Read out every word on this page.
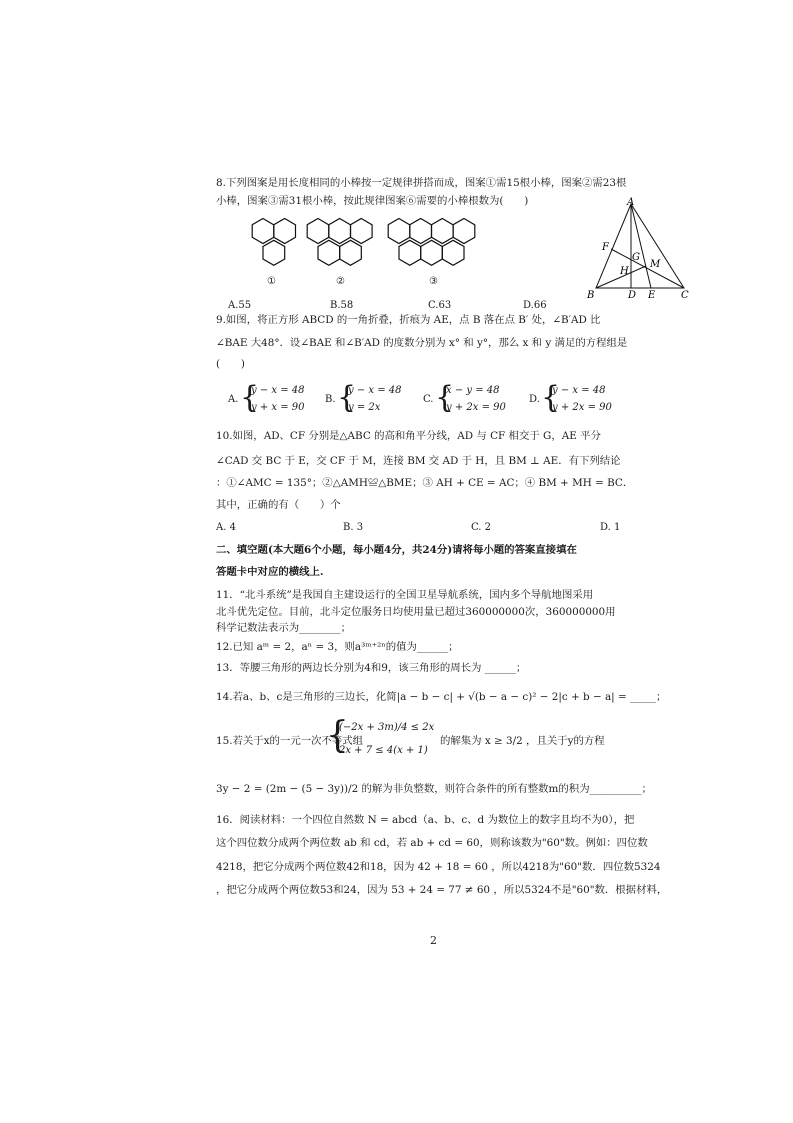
8.下列图案是用长度相同的小棒按一定规律拼搭而成，图案①需15根小棒，图案②需23根
小棒，图案③需31根小棒，按此规律图案⑥需要的小棒根数为(　　)
①	②	③
A
B	D E	C
F
G
H
M
A.55	B.58	C.63	D.66
9.如图，将正方形 ABCD 的一角折叠，折痕为 AE，点 B 落在点 B′ 处，∠B′AD 比
∠BAE 大48°．设∠BAE 和∠B′AD 的度数分别为 x° 和 y°，那么 x 和 y 满足的方程组是
(　　)
A. {
y − x = 48
y + x = 90
B. {
y − x = 48
y = 2x
C. {
x − y = 48
y + 2x = 90
D. {
y − x = 48
y + 2x = 90
10.如图，AD、CF 分别是△ABC 的高和角平分线，AD 与 CF 相交于 G，AE 平分
∠CAD 交 BC 于 E，交 CF 于 M，连接 BM 交 AD 于 H，且 BM ⊥ AE．有下列结论
：①∠AMC = 135°；②△AMH≌△BME；③ AH + CE = AC；④ BM + MH = BC．
其中，正确的有（　　）个
A. 4	B. 3	C. 2	D. 1
二、填空题(本大题6个小题，每小题4分，共24分)请将每小题的答案直接填在
答题卡中对应的横线上.
11．“北斗系统”是我国自主建设运行的全国卫星导航系统，国内多个导航地图采用
北斗优先定位。目前，北斗定位服务日均使用量已超过360000000次，360000000用
科学记数法表示为________；
12.已知 aᵐ = 2，aⁿ = 3，则a³ᵐ⁺²ⁿ的值为______；
13．等腰三角形的两边长分别为4和9，该三角形的周长为 ______；
14.若a、b、c是三角形的三边长，化简|a − b − c| + √(b − a − c)² − 2|c + b − a| = _____；
15.若关于x的一元一次不等式组
{
(−2x + 3m)/4 ≤ 2x
2x + 7 ≤ 4(x + 1)
的解集为 x ≥ 3/2 ，且关于y的方程
3y − 2 = (2m − (5 − 3y))/2 的解为非负整数，则符合条件的所有整数m的积为__________；
16．阅读材料：一个四位自然数 N = abcd（a、b、c、d 为数位上的数字且均不为0），把
这个四位数分成两个两位数 ab 和 cd，若 ab + cd = 60，则称该数为"60"数。例如：四位数
4218，把它分成两个两位数42和18，因为 42 + 18 = 60 ，所以4218为"60"数．四位数5324
，把它分成两个两位数53和24，因为 53 + 24 = 77 ≠ 60 ，所以5324不是"60"数．根据材料，
2
